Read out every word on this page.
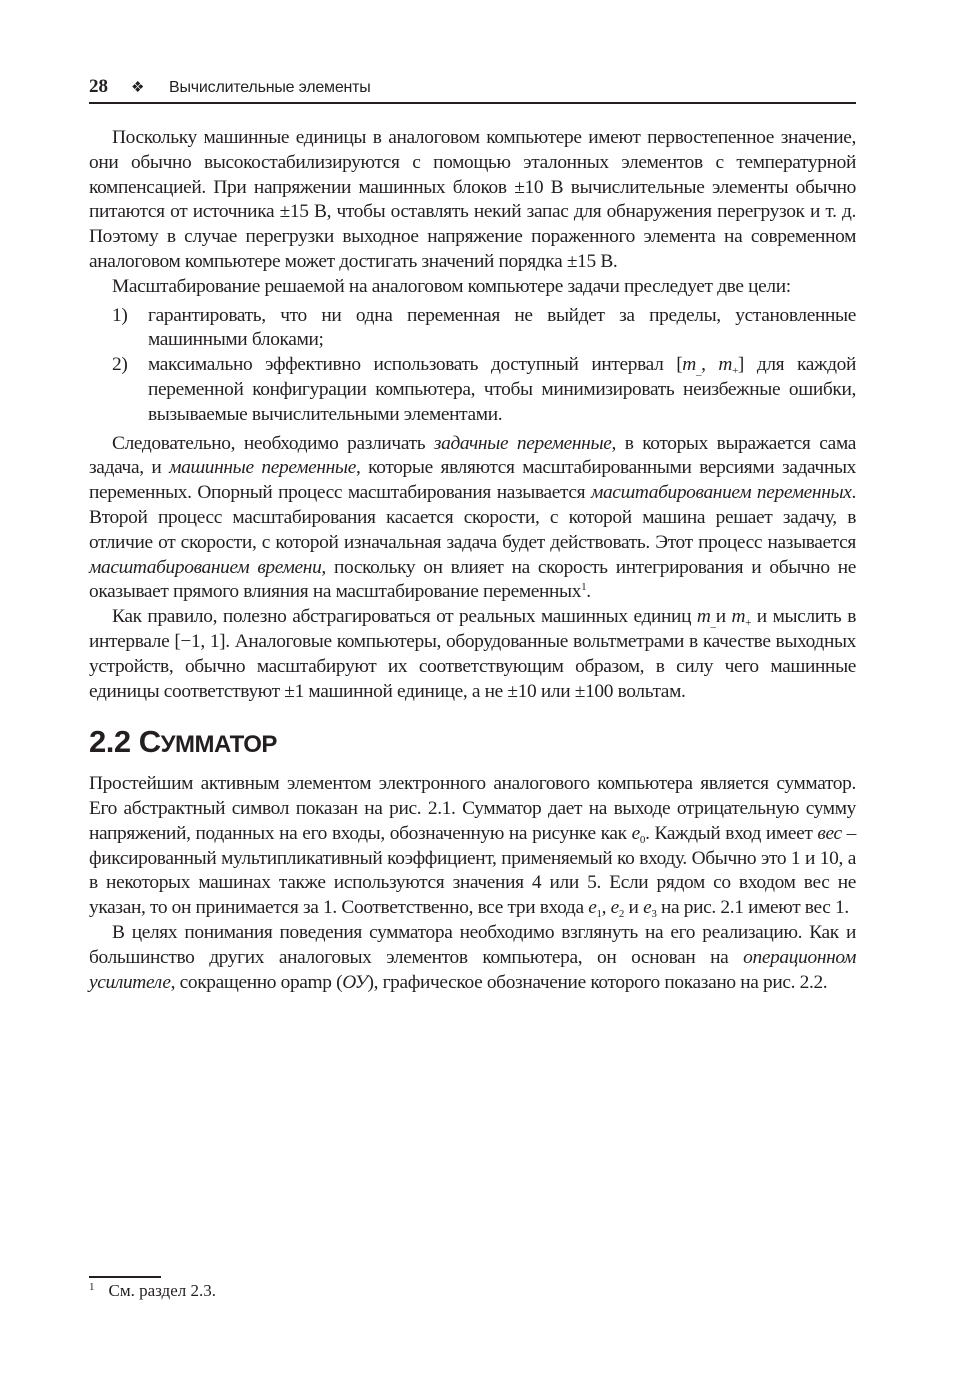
28	❖	Вычислительные элементы

Поскольку машинные единицы в аналоговом компьютере имеют первостепенное значение, они обычно высокостабилизируются с помощью эталонных элементов с температурной компенсацией. При напряжении машинных блоков ±10 В вычислительные элементы обычно питаются от источника ±15 В, чтобы оставлять некий запас для обнаружения перегрузок и т. д. Поэтому в случае перегрузки выходное напряжение пораженного элемента на современном аналоговом компьютере может достигать значений порядка ±15 В.

Масштабирование решаемой на аналоговом компьютере задачи преследует две цели:

1) гарантировать, что ни одна переменная не выйдет за пределы, установленные машинными блоками;
2) максимально эффективно использовать доступный интервал [$m_{\_}$, $m_+$] для каждой переменной конфигурации компьютера, чтобы минимизировать неизбежные ошибки, вызываемые вычислительными элементами.

Следовательно, необходимо различать задачные переменные, в которых выражается сама задача, и машинные переменные, которые являются масштабированными версиями задачных переменных. Опорный процесс масштабирования называется масштабированием переменных. Второй процесс масштабирования касается скорости, с которой машина решает задачу, в отличие от скорости, с которой изначальная задача будет действовать. Этот процесс называется масштабированием времени, поскольку он влияет на скорость интегрирования и обычно не оказывает прямого влияния на масштабирование переменных$^1$.

Как правило, полезно абстрагироваться от реальных машинных единиц $m_{\_}и$ $m_+$ и мыслить в интервале [−1, 1]. Аналоговые компьютеры, оборудованные вольтметрами в качестве выходных устройств, обычно масштабируют их соответствующим образом, в силу чего машинные единицы соответствуют ±1 машинной единице, а не ±10 или ±100 вольтам.

2.2 СУММАТОР

Простейшим активным элементом электронного аналогового компьютера является сумматор. Его абстрактный символ показан на рис. 2.1. Сумматор дает на выходе отрицательную сумму напряжений, поданных на его входы, обозначенную на рисунке как $e_0$. Каждый вход имеет вес – фиксированный мультипликативный коэффициент, применяемый ко входу. Обычно это 1 и 10, а в некоторых машинах также используются значения 4 или 5. Если рядом со входом вес не указан, то он принимается за 1. Соответственно, все три входа $e_1$, $e_2$ и $e_3$ на рис. 2.1 имеют вес 1.

В целях понимания поведения сумматора необходимо взглянуть на его реализацию. Как и большинство других аналоговых элементов компьютера, он основан на операционном усилителе, сокращенно opamp (ОУ), графическое обозначение которого показано на рис. 2.2.

$^1$ См. раздел 2.3.
